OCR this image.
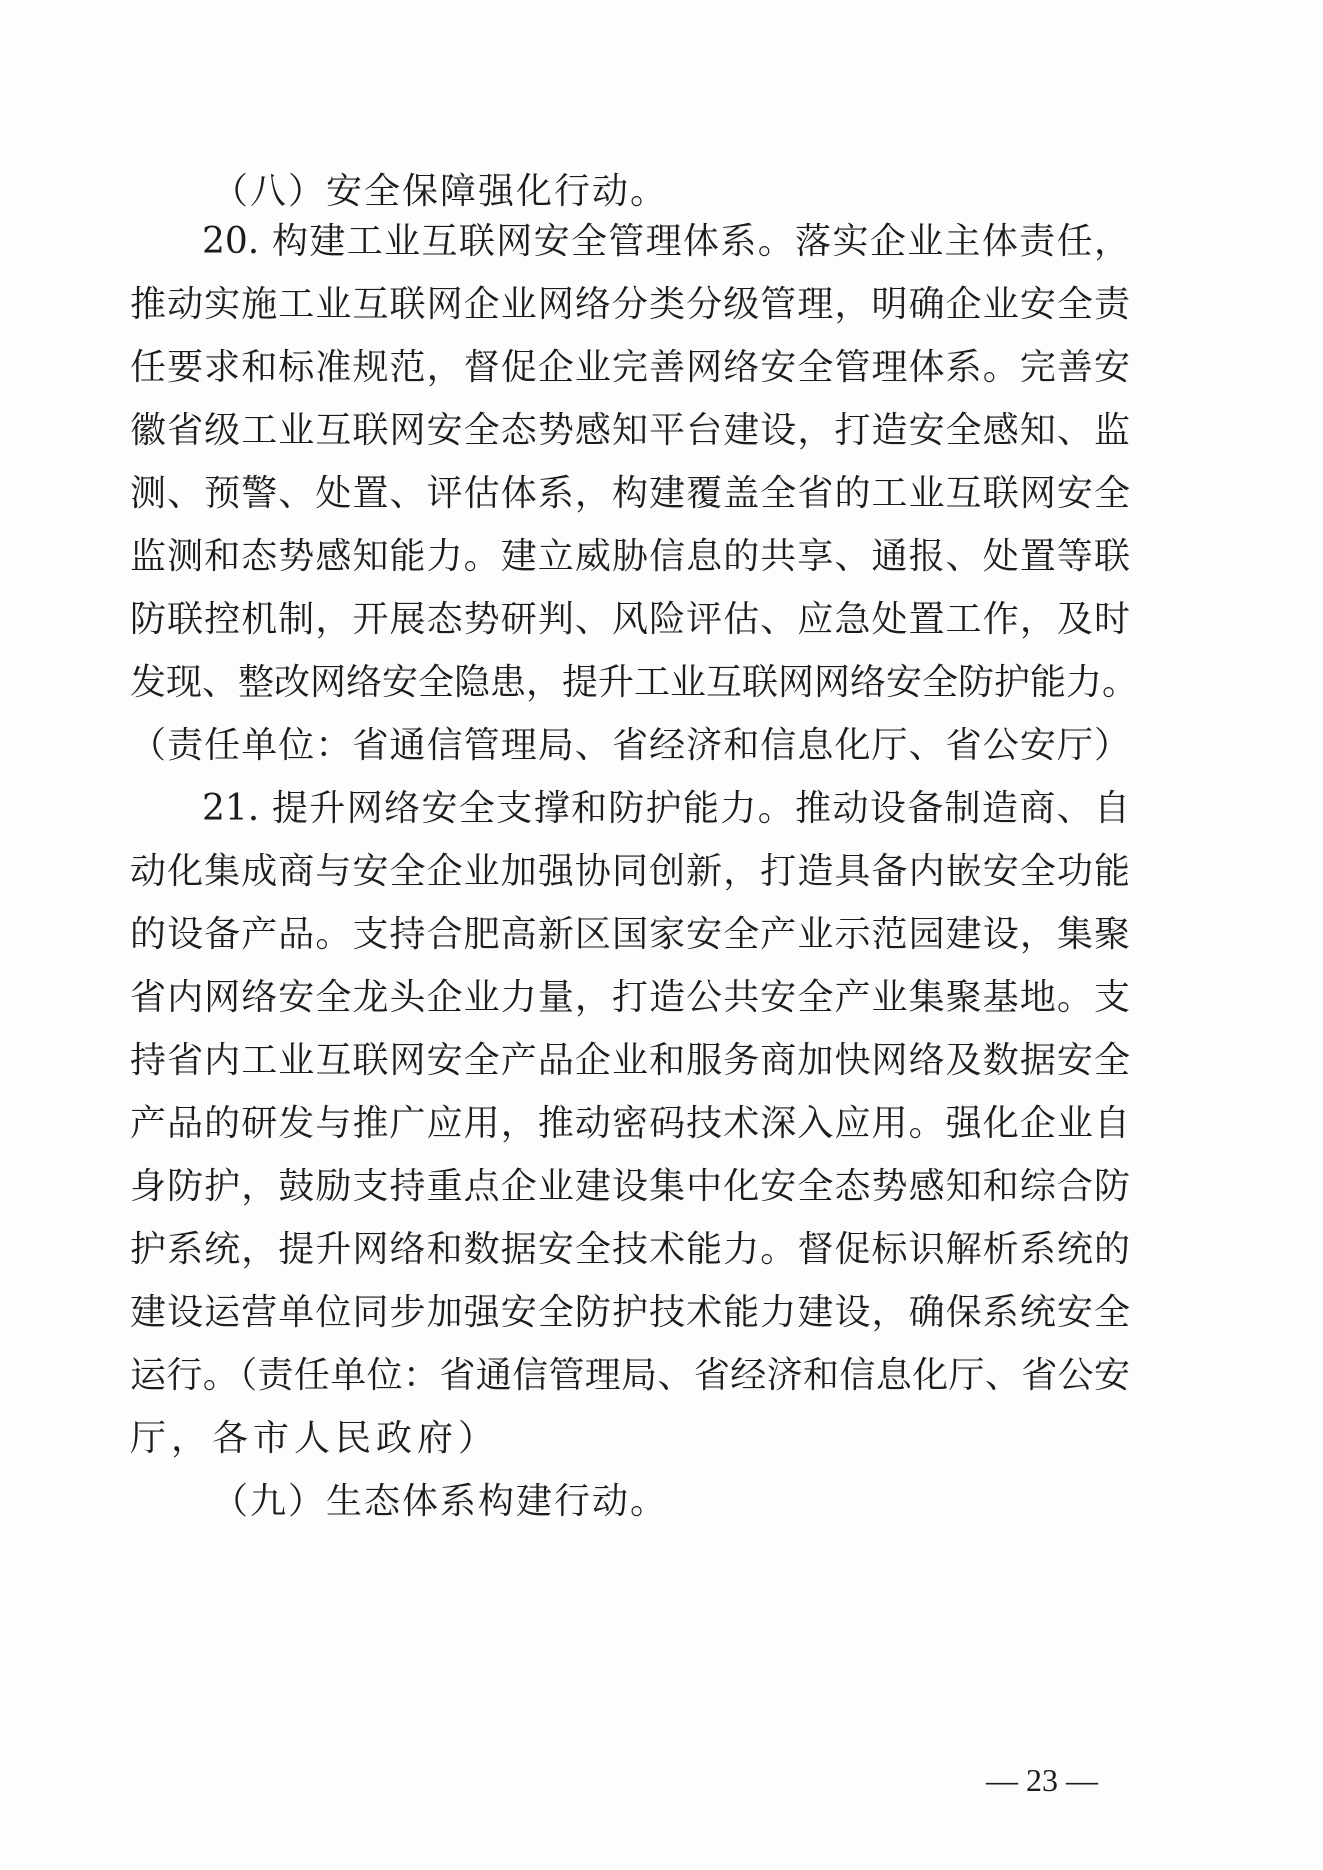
（八）安全保障强化行动。
20. 构建工业互联网安全管理体系。落实企业主体责任，
推动实施工业互联网企业网络分类分级管理，明确企业安全责
任要求和标准规范，督促企业完善网络安全管理体系。完善安
徽省级工业互联网安全态势感知平台建设，打造安全感知、监
测、预警、处置、评估体系，构建覆盖全省的工业互联网安全
监测和态势感知能力。建立威胁信息的共享、通报、处置等联
防联控机制，开展态势研判、风险评估、应急处置工作，及时
发现、整改网络安全隐患，提升工业互联网网络安全防护能力。
（责任单位：省通信管理局、省经济和信息化厅、省公安厅）
21. 提升网络安全支撑和防护能力。推动设备制造商、自
动化集成商与安全企业加强协同创新，打造具备内嵌安全功能
的设备产品。支持合肥高新区国家安全产业示范园建设，集聚
省内网络安全龙头企业力量，打造公共安全产业集聚基地。支
持省内工业互联网安全产品企业和服务商加快网络及数据安全
产品的研发与推广应用，推动密码技术深入应用。强化企业自
身防护，鼓励支持重点企业建设集中化安全态势感知和综合防
护系统，提升网络和数据安全技术能力。督促标识解析系统的
建设运营单位同步加强安全防护技术能力建设，确保系统安全
运行。（责任单位：省通信管理局、省经济和信息化厅、省公安
厅，各市人民政府）
（九）生态体系构建行动。
— 23 —
